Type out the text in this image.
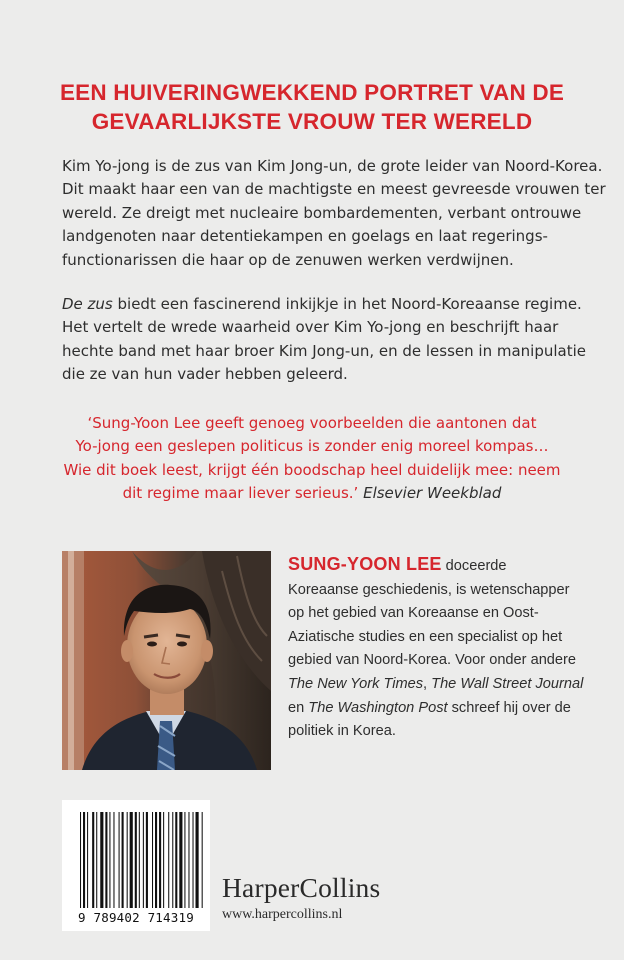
EEN HUIVERINGWEKKEND PORTRET VAN DE
GEVAARLIJKSTE VROUW TER WERELD
Kim Yo-jong is de zus van Kim Jong-un, de grote leider van Noord-Korea.
Dit maakt haar een van de machtigste en meest gevreesde vrouwen ter
wereld. Ze dreigt met nucleaire bombardementen, verbant ontrouwe
landgenoten naar detentiekampen en goelags en laat regerings-
functionarissen die haar op de zenuwen werken verdwijnen.
De zus biedt een fascinerend inkijkje in het Noord-Koreaanse regime.
Het vertelt de wrede waarheid over Kim Yo-jong en beschrijft haar
hechte band met haar broer Kim Jong-un, en de lessen in manipulatie
die ze van hun vader hebben geleerd.
‘Sung-Yoon Lee geeft genoeg voorbeelden die aantonen dat
Yo-jong een geslepen politicus is zonder enig moreel kompas…
Wie dit boek leest, krijgt één boodschap heel duidelijk mee: neem
dit regime maar liever serieus.’ Elsevier Weekblad
SUNG-YOON LEE doceerde
Koreaanse geschiedenis, is wetenschapper
op het gebied van Koreaanse en Oost-
Aziatische studies en een specialist op het
gebied van Noord-Korea. Voor onder andere
The New York Times, The Wall Street Journal
en The Washington Post schreef hij over de
politiek in Korea.
9 789402 714319
HarperCollins
www.harpercollins.nl
